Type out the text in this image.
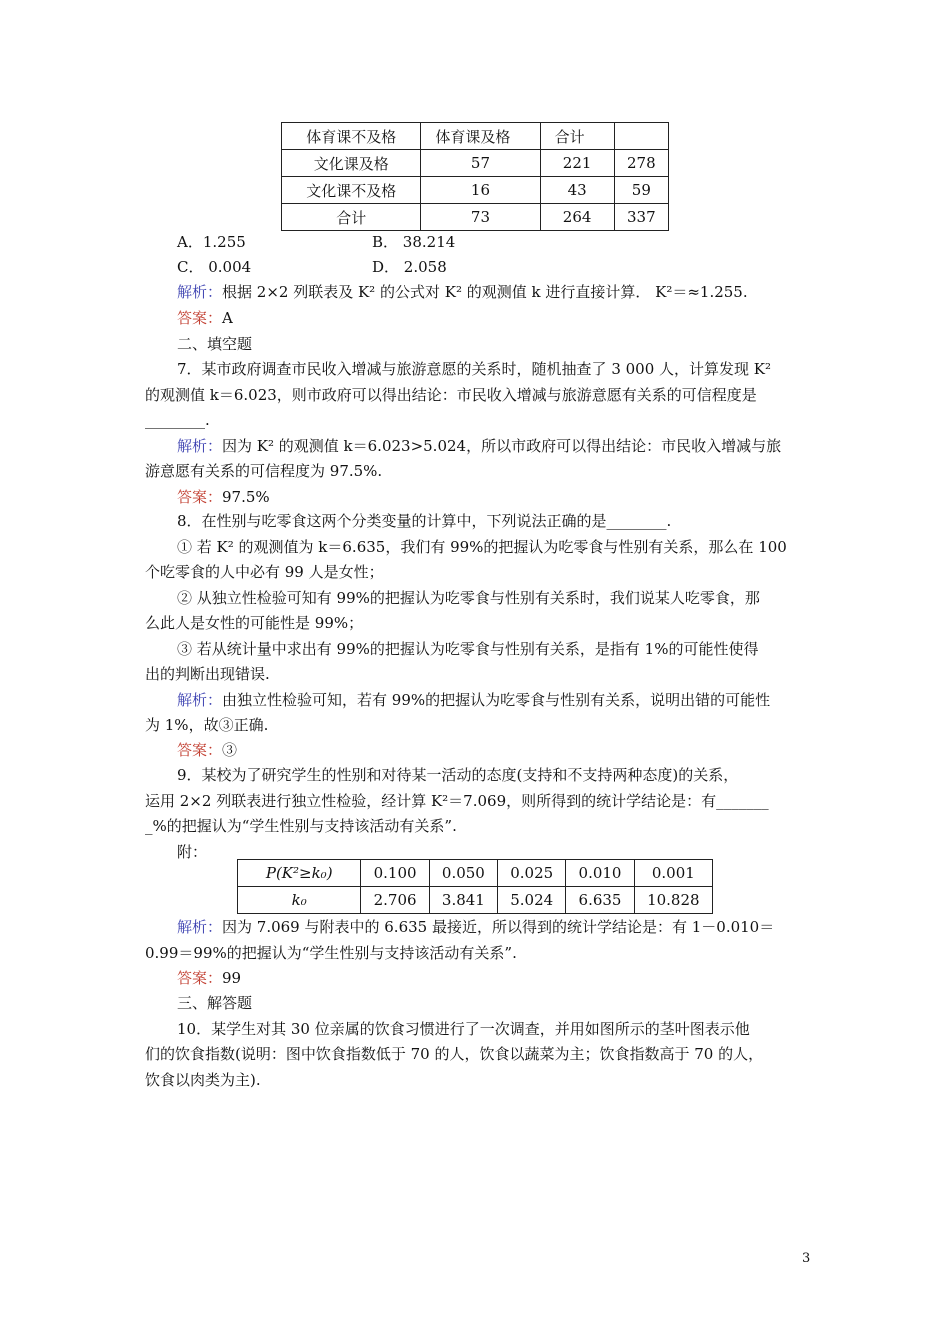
体育课不及格	体育课及格	合计	
文化课及格	57	221	278
文化课不及格	16	43	59
合计	73	264	337
A．1.255	B． 38.214
C． 0.004	D． 2.058
解析：根据 2×2 列联表及 K² 的公式对 K² 的观测值 k 进行直接计算． K²＝≈1.255.
答案：A
二、填空题
7．某市政府调查市民收入增减与旅游意愿的关系时，随机抽查了 3 000 人，计算发现 K²
的观测值 k＝6.023，则市政府可以得出结论：市民收入增减与旅游意愿有关系的可信程度是
________.
解析：因为 K² 的观测值 k＝6.023>5.024，所以市政府可以得出结论：市民收入增减与旅
游意愿有关系的可信程度为 97.5%.
答案：97.5%
8．在性别与吃零食这两个分类变量的计算中，下列说法正确的是________.
① 若 K² 的观测值为 k＝6.635，我们有 99%的把握认为吃零食与性别有关系，那么在 100
个吃零食的人中必有 99 人是女性；
② 从独立性检验可知有 99%的把握认为吃零食与性别有关系时，我们说某人吃零食，那
么此人是女性的可能性是 99%；
③ 若从统计量中求出有 99%的把握认为吃零食与性别有关系，是指有 1%的可能性使得
出的判断出现错误.
解析：由独立性检验可知，若有 99%的把握认为吃零食与性别有关系，说明出错的可能性
为 1%，故③正确.
答案：③
9．某校为了研究学生的性别和对待某一活动的态度(支持和不支持两种态度)的关系，
运用 2×2 列联表进行独立性检验，经计算 K²＝7.069，则所得到的统计学结论是：有_______
_%的把握认为“学生性别与支持该活动有关系”.
附：
P(K²≥k₀)	0.100	0.050	0.025	0.010	0.001
k₀	2.706	3.841	5.024	6.635	10.828
解析：因为 7.069 与附表中的 6.635 最接近，所以得到的统计学结论是：有 1－0.010＝
0.99＝99%的把握认为“学生性别与支持该活动有关系”.
答案：99
三、解答题
10．某学生对其 30 位亲属的饮食习惯进行了一次调查，并用如图所示的茎叶图表示他
们的饮食指数(说明：图中饮食指数低于 70 的人，饮食以蔬菜为主；饮食指数高于 70 的人，
饮食以肉类为主).
3
